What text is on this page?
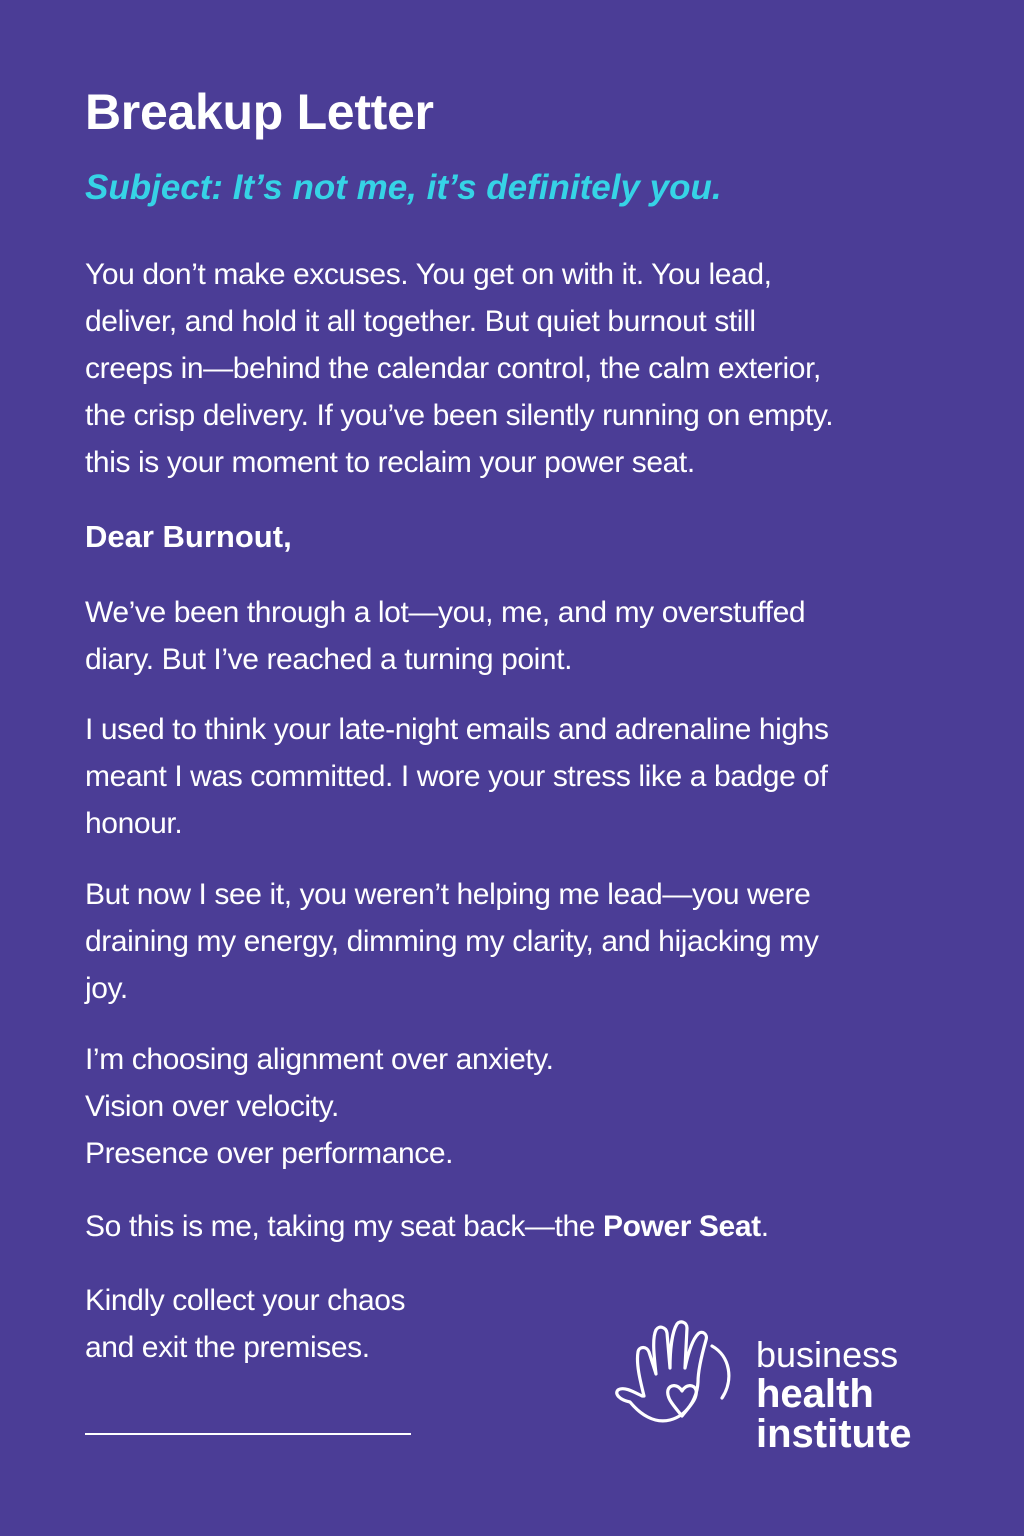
Breakup Letter

Subject: It’s not me, it’s definitely you.

You don’t make excuses. You get on with it. You lead,
deliver, and hold it all together. But quiet burnout still
creeps in—behind the calendar control, the calm exterior,
the crisp delivery. If you’ve been silently running on empty.
this is your moment to reclaim your power seat.

Dear Burnout,

We’ve been through a lot—you, me, and my overstuffed
diary. But I’ve reached a turning point.

I used to think your late-night emails and adrenaline highs
meant I was committed. I wore your stress like a badge of
honour.

But now I see it, you weren’t helping me lead—you were
draining my energy, dimming my clarity, and hijacking my
joy.

I’m choosing alignment over anxiety.
Vision over velocity.
Presence over performance.

So this is me, taking my seat back—the Power Seat.

Kindly collect your chaos
and exit the premises.	business
health
institute
